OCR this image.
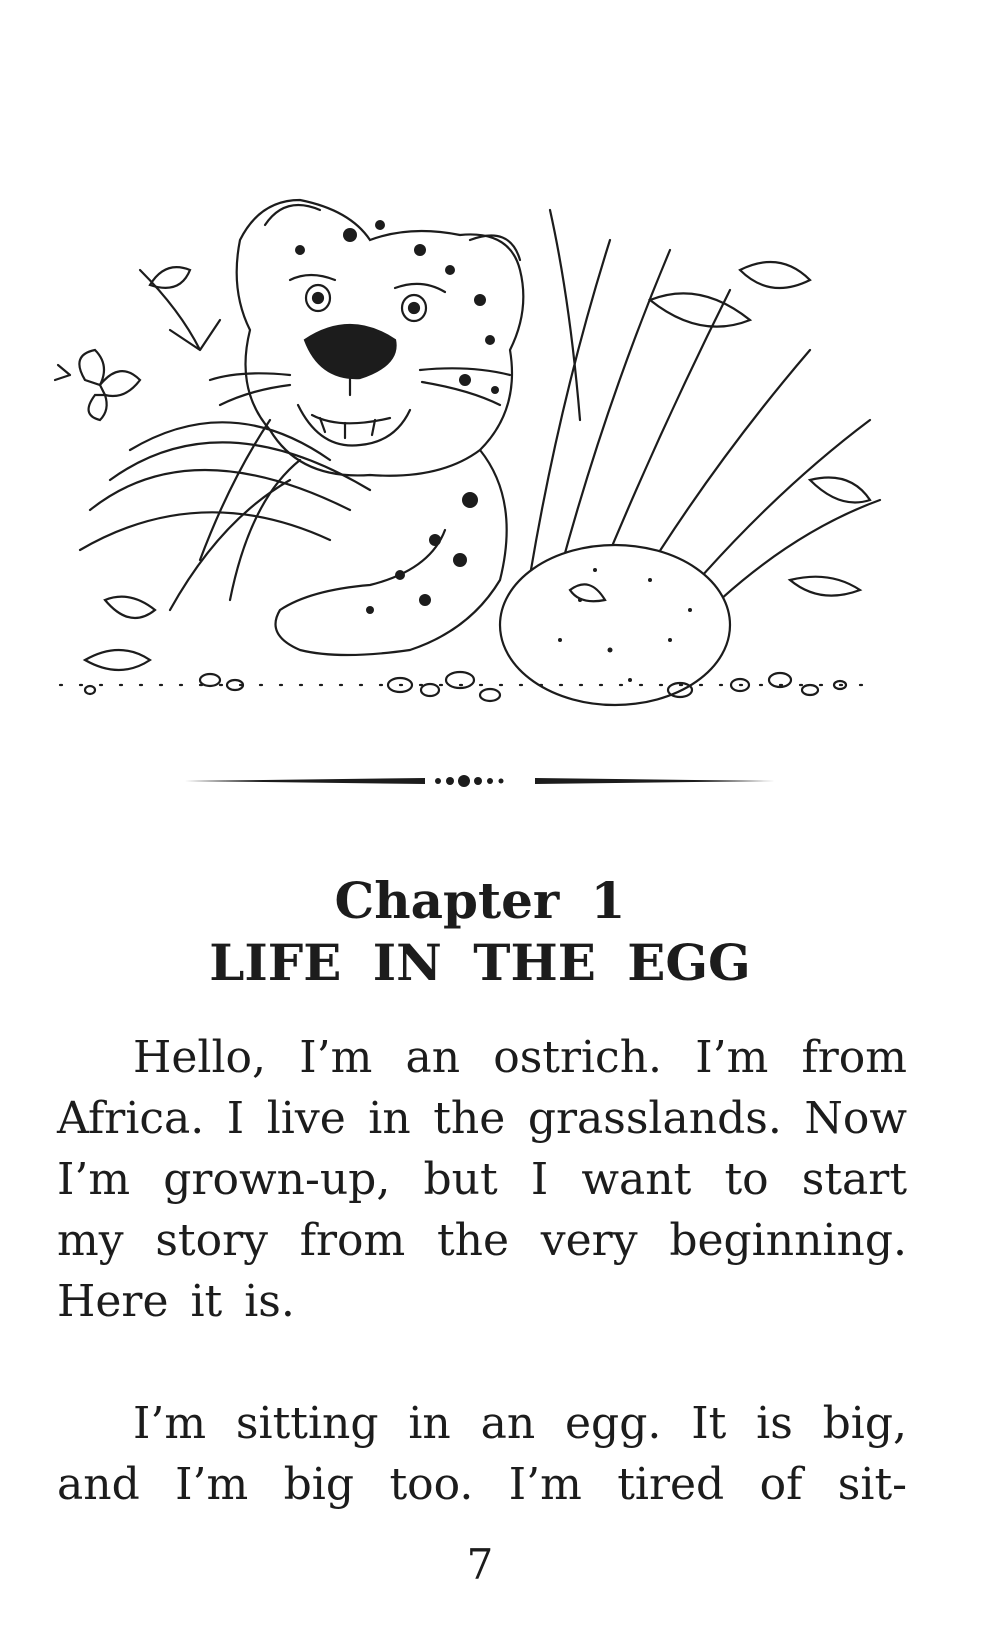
Chapter 1
LIFE IN THE EGG

Hello, I’m an ostrich. I’m from Africa. I live in the grasslands. Now I’m grown-up, but I want to start my story from the very beginning. Here it is.

I’m sitting in an egg. It is big, and I’m big too. I’m tired of sit-

7
